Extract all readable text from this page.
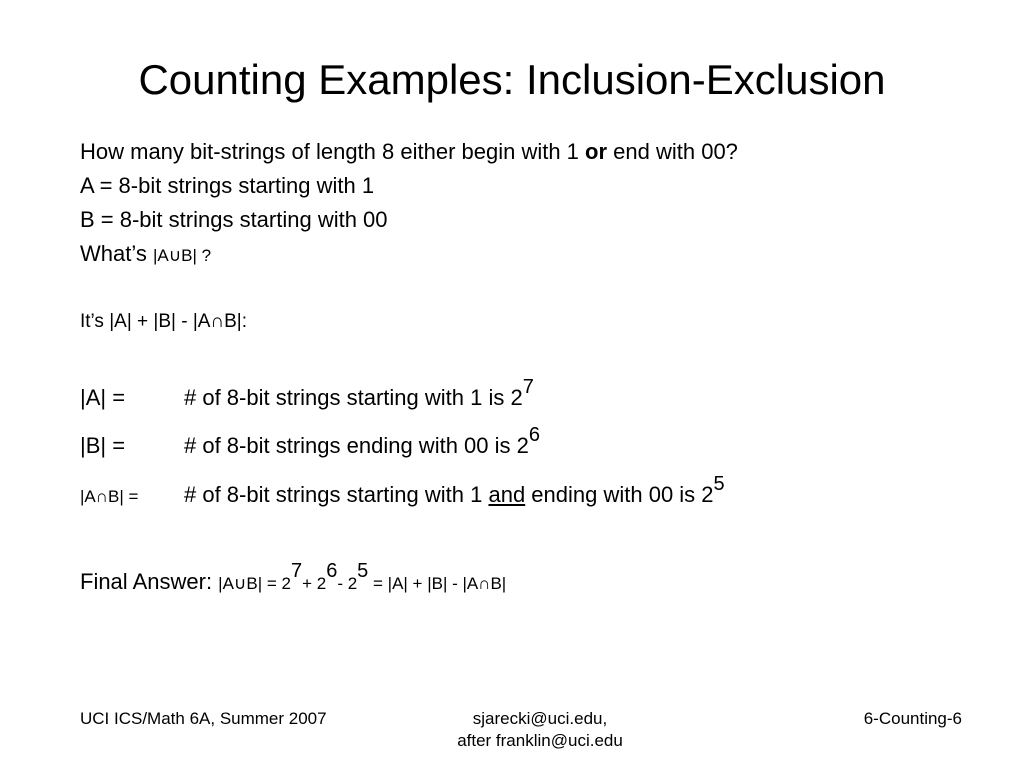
Counting Examples: Inclusion-Exclusion
How many bit-strings of length 8 either begin with 1 or end with 00?
A = 8-bit strings starting with 1
B = 8-bit strings starting with 00
What’s |A∪B| ?
It’s |A| + |B| - |A∩B|:
|A| =	# of 8-bit strings starting with 1 is $2^7$
|B| =	# of 8-bit strings ending with 00 is $2^6$
|A∩B| = # of 8-bit strings starting with 1 and ending with 00 is $2^5$
Final Answer: |A∪B| = $2^7+ 2^6-$ $2^5 = |A| + |B|$ - |A∩B|
UCI ICS/Math 6A, Summer 2007	sjarecki@uci.edu,
after franklin@uci.edu
6-Counting-6
